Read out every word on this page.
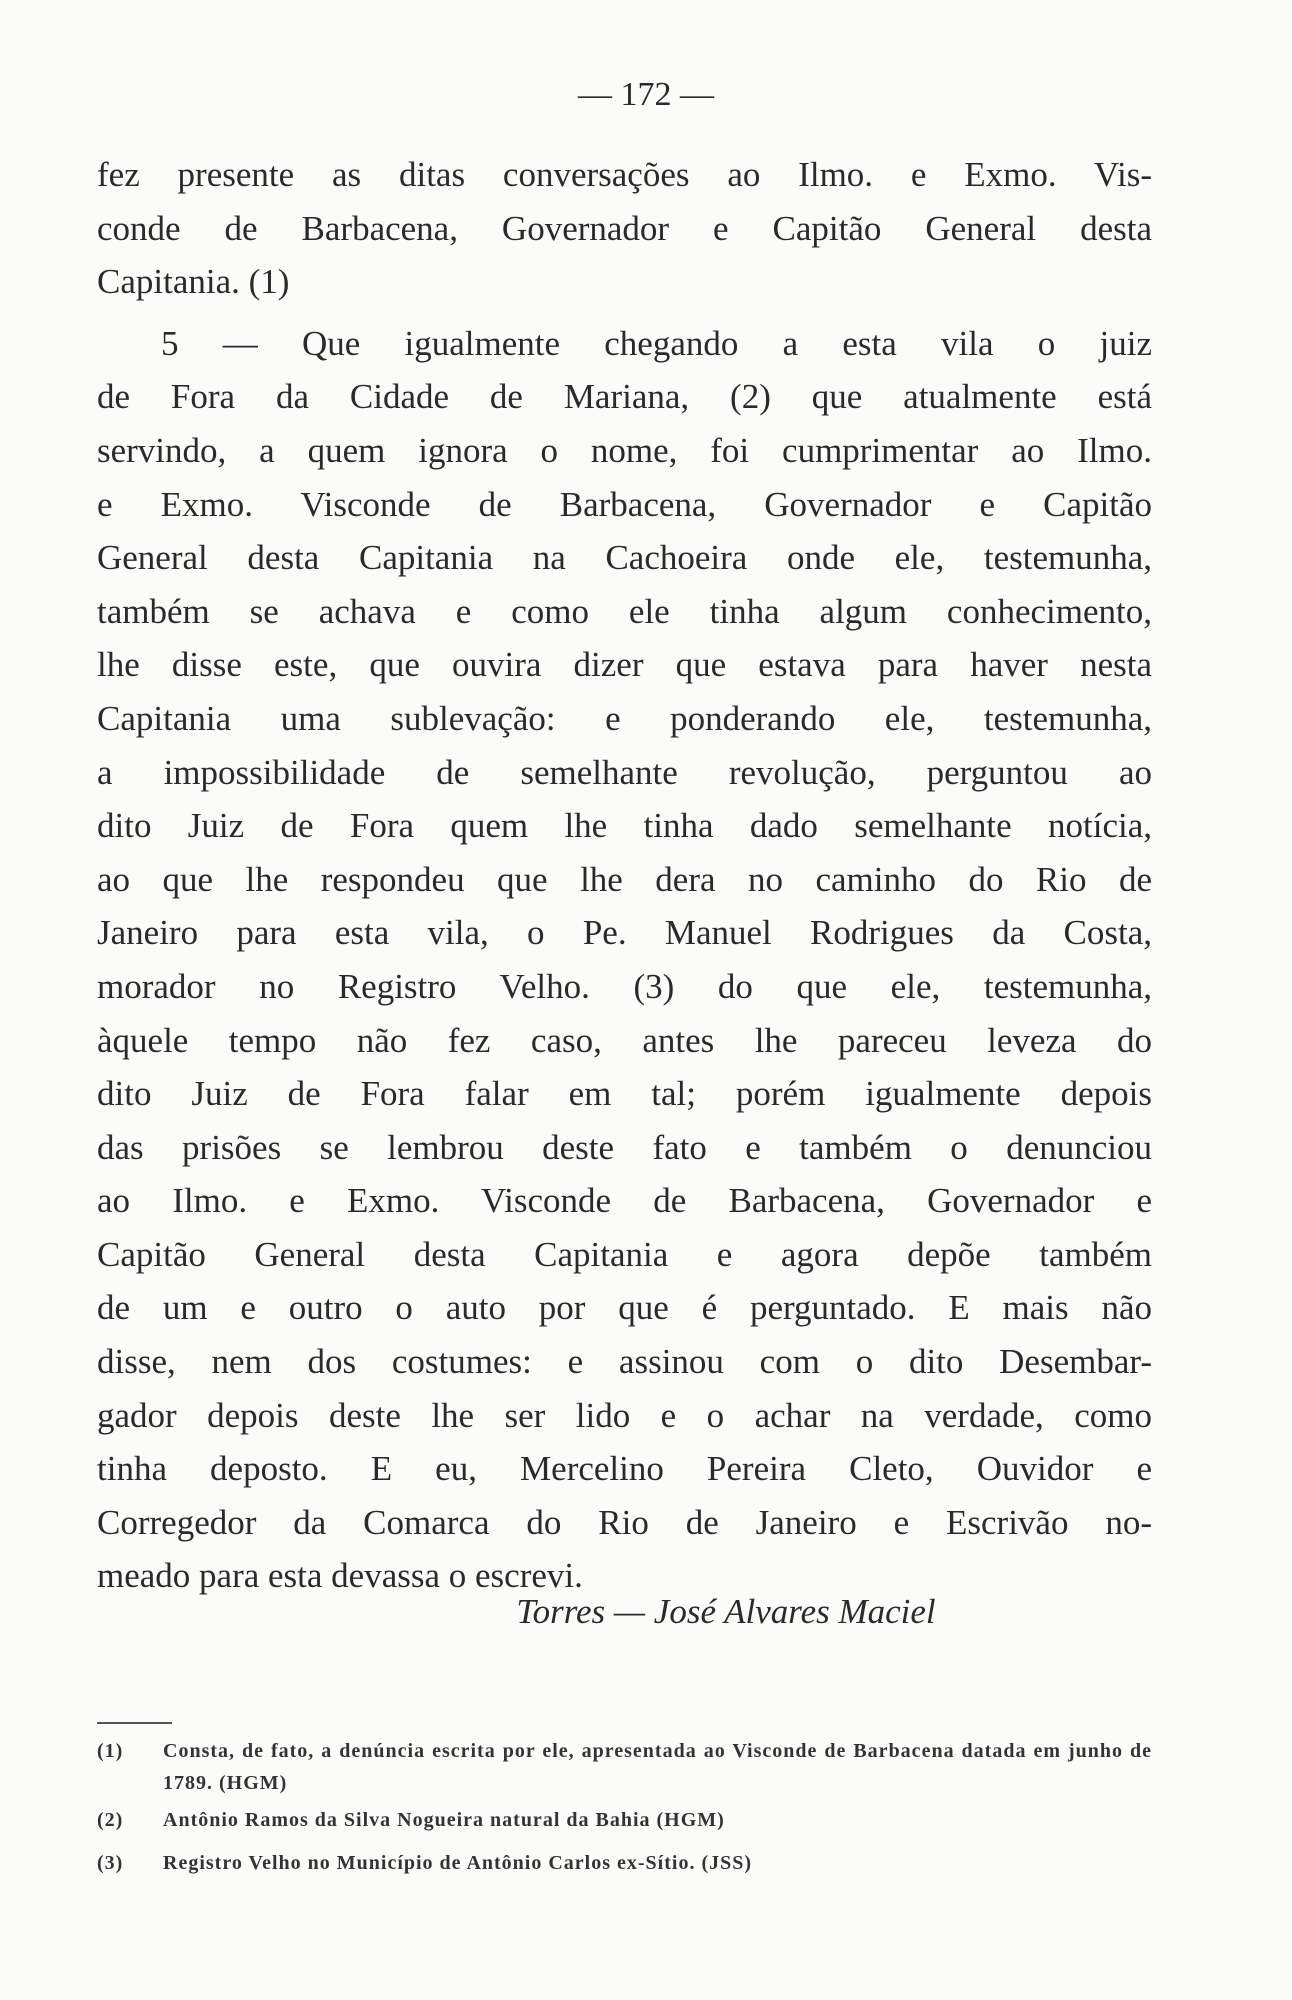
— 172 —
fez presente as ditas conversações ao Ilmo. e Exmo. Vis-
conde de Barbacena, Governador e Capitão General desta
Capitania. (1)
5 — Que igualmente chegando a esta vila o juiz
de Fora da Cidade de Mariana, (2) que atualmente está
servindo, a quem ignora o nome, foi cumprimentar ao Ilmo.
e Exmo. Visconde de Barbacena, Governador e Capitão
General desta Capitania na Cachoeira onde ele, testemunha,
também se achava e como ele tinha algum conhecimento,
lhe disse este, que ouvira dizer que estava para haver nesta
Capitania uma sublevação: e ponderando ele, testemunha,
a impossibilidade de semelhante revolução, perguntou ao
dito Juiz de Fora quem lhe tinha dado semelhante notícia,
ao que lhe respondeu que lhe dera no caminho do Rio de
Janeiro para esta vila, o Pe. Manuel Rodrigues da Costa,
morador no Registro Velho. (3) do que ele, testemunha,
àquele tempo não fez caso, antes lhe pareceu leveza do
dito Juiz de Fora falar em tal; porém igualmente depois
das prisões se lembrou deste fato e também o denunciou
ao Ilmo. e Exmo. Visconde de Barbacena, Governador e
Capitão General desta Capitania e agora depõe também
de um e outro o auto por que é perguntado. E mais não
disse, nem dos costumes: e assinou com o dito Desembar-
gador depois deste lhe ser lido e o achar na verdade, como
tinha deposto. E eu, Mercelino Pereira Cleto, Ouvidor e
Corregedor da Comarca do Rio de Janeiro e Escrivão no-
meado para esta devassa o escrevi.
Torres — José Alvares Maciel
(1) Consta, de fato, a denúncia escrita por ele, apresentada ao Visconde de Barbacena datada em junho de 1789. (HGM)
(2) Antônio Ramos da Silva Nogueira natural da Bahia (HGM)
(3) Registro Velho no Município de Antônio Carlos ex-Sítio. (JSS)
